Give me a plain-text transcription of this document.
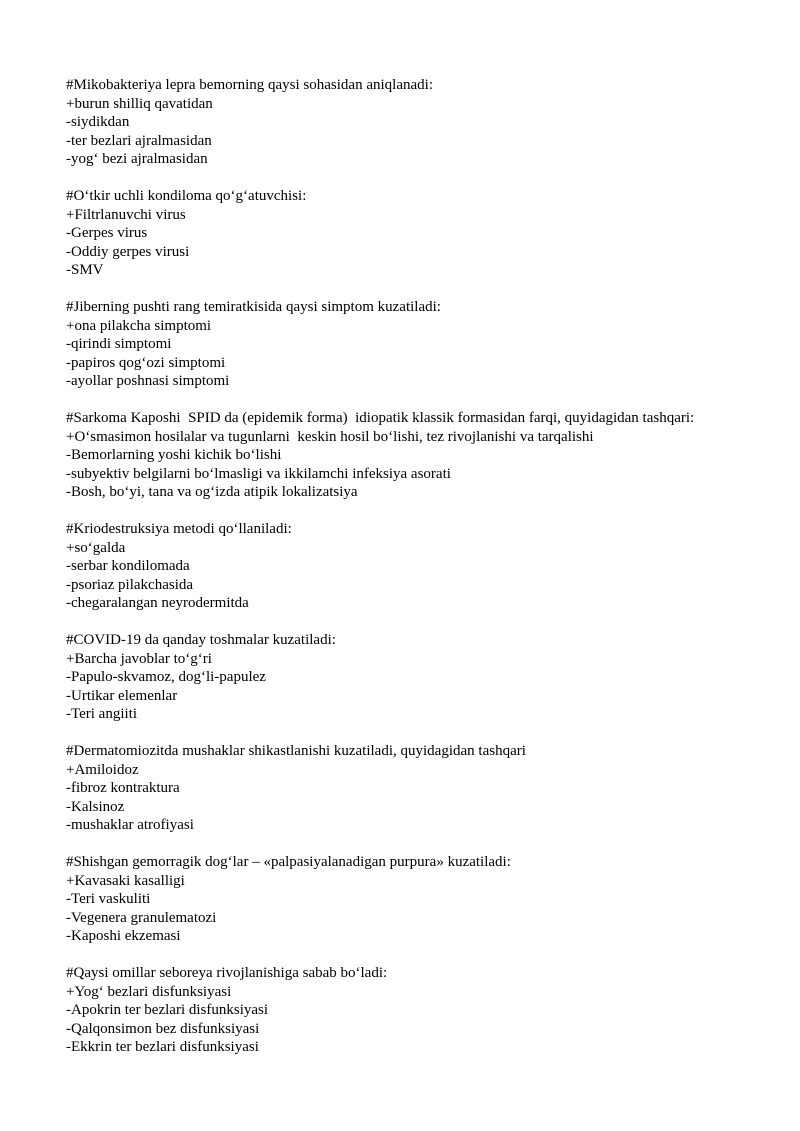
#Mikobakteriya lepra bemorning qaysi sohasidan aniqlanadi:
+burun shilliq qavatidan
-siydikdan
-ter bezlari ajralmasidan
-yog‘ bezi ajralmasidan
#O‘tkir uchli kondiloma qo‘g‘atuvchisi:
+Filtrlanuvchi virus
-Gerpes virus
-Oddiy gerpes virusi
-SMV
#Jiberning pushti rang temiratkisida qaysi simptom kuzatiladi:
+ona pilakcha simptomi
-qirindi simptomi
-papiros qog‘ozi simptomi
-ayollar poshnasi simptomi
#Sarkoma Kaposhi  SPID da (epidemik forma)  idiopatik klassik formasidan farqi, quyidagidan tashqari:
+O‘smasimon hosilalar va tugunlarni  keskin hosil bo‘lishi, tez rivojlanishi va tarqalishi
-Bemorlarning yoshi kichik bo‘lishi
-subyektiv belgilarni bo‘lmasligi va ikkilamchi infeksiya asorati
-Bosh, bo‘yi, tana va og‘izda atipik lokalizatsiya
#Kriodestruksiya metodi qo‘llaniladi:
+so‘galda
-serbar kondilomada
-psoriaz pilakchasida
-chegaralangan neyrodermitda
#COVID-19 da qanday toshmalar kuzatiladi:
+Barcha javoblar to‘g‘ri
-Papulo-skvamoz, dog‘li-papulez
-Urtikar elemenlar
-Teri angiiti
#Dermatomiozitda mushaklar shikastlanishi kuzatiladi, quyidagidan tashqari
+Amiloidoz
-fibroz kontraktura
-Kalsinoz
-mushaklar atrofiyasi
#Shishgan gemorragik dog‘lar – «palpasiyalanadigan purpura» kuzatiladi:
+Kavasaki kasalligi
-Teri vaskuliti
-Vegenera granulematozi
-Kaposhi ekzemasi
#Qaysi omillar seboreya rivojlanishiga sabab bo‘ladi:
+Yog‘ bezlari disfunksiyasi
-Apokrin ter bezlari disfunksiyasi
-Qalqonsimon bez disfunksiyasi
-Ekkrin ter bezlari disfunksiyasi
